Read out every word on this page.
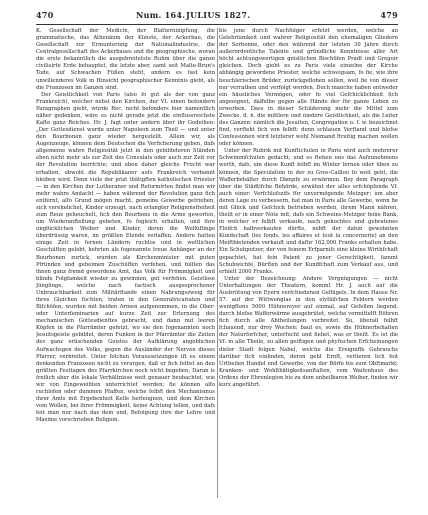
470	Num. 164. JULIUS 1827.	479

K. Gesellschaft der Medicin, der Blatterninipfung, die grammatische, das Athenäum der Künste, der Ackerbau, die Gesellschaft zur Ermunterung der Nationalindustrie, die Centralgesellschaft des Ackerbaues und die geographische, woran die erste bekanntlich die ausgebreitetste Ruhm über die ganze civilisirte Erde behauptet, die letzte aber, samt seit Malte-Brun's Tode, auf Schwachen Füßen steht, andern es fast kein unwillenderes Volk in Hinsicht geographischer Kenntnis giebt, als die Franzosen im Ganzen sind.

Der Geistlichkeit von Paris (also fo gut als der von ganz Frankreich), welcher nebst den Kirchen, der VI. einen befondern Paragraphen giebt, würde Rec. nicht befonders hier namentlich näher gedenken, wäre es nicht gerade jetzt die einflussreichste Kafte ganz Reiches. Hr. J. fagt unter andern über ihr Gedeihen: „Der Gottesdienst wurde unter Napoleon zum Theil — und unter den Bourbonen ganz wieder hergestellt. Allein wir, als Augenzeuge, können dem Deutschen die Verficherung geben, dafs allgemeine wahre Religiosität jetzt in den gebildeteren Ständen eben nicht mehr als zur Zeit des Consulats oder auch zur Zeit vor der Revolution herrfchte; und eben daher gleiche Frucht war erhalten, obwohl die Republikaner aufs Frankreich verbannt bleiben wird. Denn viele der jetzt thätigften katholischen Priester — in den Kirchen der Lutheraner und Reformirten findet man wir mehr wahre Andacht — haben während der Revolution ganz fich entfernt, alfo Grund mögen macht, gemeine Gewerbe getrieben, sich verehelichet, Kinder erzeugt, nach erlangter Religionsfreiheit zum Reue geheuchelt, fich den Bourbons in die Arme geworfen, um Wiederanftellung gebeten, fo fogleich erhalten, und ihre unglücklichen Weiber und Kinder, deren die Wollüftinge überdrüssig waren, im größten Elende verlaffen. Andere hatten einige Zeit in fernen Ländern ruchlos und in weltlichen Geschäften gelebt, kehrten als fogenannte treue Anhänger an der Bourbonen zurück, wurden als Kirchenminister mit guten Pfründen und geheimen Zuschüffen verfehen, und follten das ihnen ganz fremd gewordene Amt, das Volk für Frömmigkeit und blinde Folgfamkeit wieder zu gewinnen, gut verfehen. Geistlose Jünglinge, welche nach factisch ausgesprochener Unbrauchbarkeit zum Militärftande einen Nahrungszweig für ihres Gleichen fuchten, traten in den Generalvicariaten und Bifchöfen, wurden mit beiden Armen aufgenommen, in die Ober- oder Unterfeminarien auf kurze Zeit zur Erlernung des mechanischen Gottesdienftes gebracht, und dann mit leeren Köpfen in die Pfarrämter gefetzt, wo sie den fogenannten noch Jesuitsgeiste gebildet, deren Funken in der Pfarrämter die Zeiten des ganz erlischenden Geistes der Aufklärung angeblichen Aufwachsgen des Volks, gegen die Ausländer der Nerven dieses Pfarrer, verbreitet. Unter folchen Voraussetzungen ift es einem denkenden Franzosen nicht zu verargen, daß er fich felbst an den größten Festtagen des Pfarrkirchen noch nicht begeben, Daran is freilich aber die lokale Verhältnisse weit genauer beobachtet, wie wir von Eingeweihten unterrichtet worden; fie können alfo ruchlofen oder dummen Pfaffen, welche felbft den Mechanismus ihrer Amts mit Ergebenheit Kelle herleugnen, und dem Kirchen vom Wollen, bei ihrer Frömmigkeit, keine Achtung tollen, und dafs feit man nur nach das dem und, Befolgung ihre der Lehre und Maxime vorschrieben Religion.

bis jene durch Nachfolger erfetzt werden, welche an Gelehrfamkeit und wahrer Religiosität den ehemaligen Gliedern der Sorbonne, oder den während der letzten 30 Jahre durch außerordentliche Talente und gründliche Kenntnisse aller Art höcht achtungswertigen geistlichen Bischöfen Pradt und Gregoir gleichen. Doch giebt es zu Paris viele einzelne der Kirche abhängig gewordene Priester, welche schweigsam, fo fie, wie ihre heuchlerischen Brüder, zurückgeflohen sollen, weil fie von dieser nur verrathen und verfolgt werden. Doch manche haben entweder ein häusliches Vermögen, oder fo viel Gefchicklichkeit fich angeeignet, daffelbe gegen alle Hände der für ganze Leben zu erwerben. Dass in dieser Schilderung mehr die Mittel zum Zwecke, d. h. die mittlere und niedere Geistlichkeit, als die Leiter des Ganzen: nämlich die Jesuiten, Congregation u. f. w. bezeichnet find, verfteht fich von felbft: denn schlauen Verftand und blofse Confessionen wird letzterer wohl Niemand ftreitig machen wollen oder können.

Unter der Rubrik mit Kunftichulen in Paris wird auch mehrerer Schwimmfchulen gedacht, und es ftehen uns das Aufzunehmens werth, dafs, um diese Kunft felbft im Winter lernen oder üben zu können, die Speculation in der zu Gros-Caillou fo weit geht, die Wafferbehälter durch Dämpfe zu erwärmen. Bey dem Paragraph über die Städtifche Behörde, erwähnt der alles erfchöpfende Vf. auch einer: Verfchlufszifs für unvermögende Metzger; um aber deren Lage zu verbessern, hat man in Paris alle Gewerbe, wenn fie mit Glück und Gefchick betrieben werden, ihrem Mann nähren, theilt er in einer Note mit, dafs ein Schweins-Metzger feine Bank, in welcher er felbft verkaufe, nach gekochtes und gebratenes Fleifch halbverkaufen dürfte, nebft der dahin gewohnten Kundschaft (les fonds, les affaires et tout la concernerie) an den Meiftbietenden verkauft und dafür 162,000 Franks erhalten habe. Ein Schuhputzer, der von feinem Erfparnifs eine kleine Wirthfchaft gepachtet, hat fein Patent zu jener Gerechtigkeit, fammt Schuhwichfe, Bürften und der Kundfchaft zum Verkauf aus, und erhielt 2000 Franks.

Unter der Bezeichnung: Andere Vergnügungen — nicht Unterhaltungen der Theatern, kommt Hr. J. auch auf die Ausbrütung von Eyern verfchiedenen Geflügels. In dem Hause Nr. 57. auf der Wittwenglas in den elyfäifchen Feldern werden wenigftens 5000 Hühnereyer auf einmal, auf Gefellen liegend, durch blofse Wafferwärme ausgebrütet, welche vermittelft Röhren fich durch alle Abtheilungen verbreitet. So, überall felbft fchauend, nur drey Wochen; baut es, sowie die Hühnerbehalten der Naturforfcher, unterfucht und fiehet, was er theilt. Es ist die Vf. in alle Theile, zu allen geiftigen und phyfischen Erfcheinungen dieler Stadt folgen Nabel, welche die Ereigniffe Gebrauchs darüber fich einlinden, deren geht Ernft, verlieren lich feit Urtheilen Handel und Gewerbe, von der Börfe bis zum Obftmarkt; Kranken- und Wohlthätigkeitsanftalten, vom Waifenhaus des Ordens der Ehrenlegion bis zu dem unbeilbaren Weiber, finden wir kurz angeführt.
